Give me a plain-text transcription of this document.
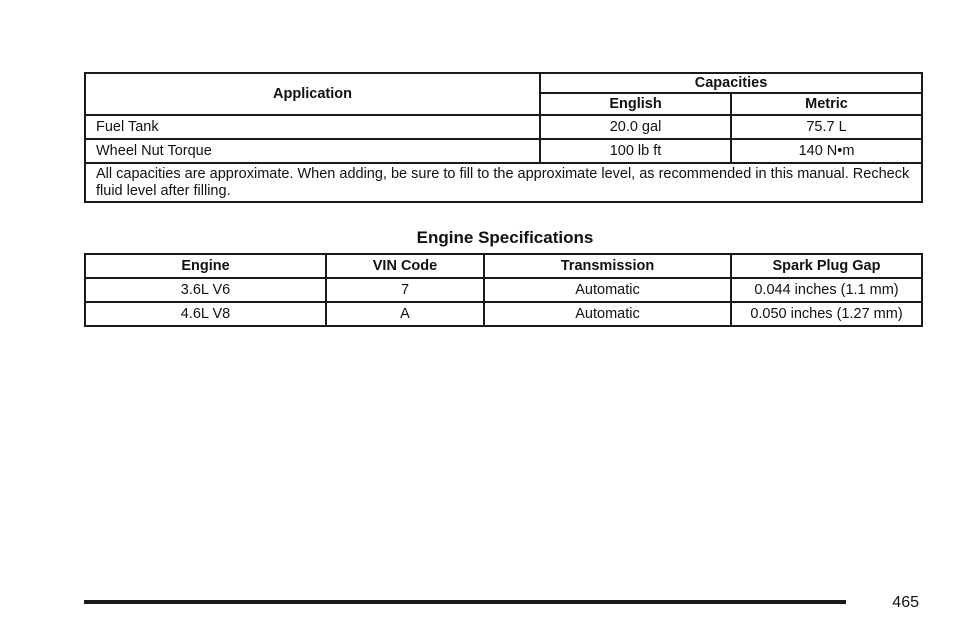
Application	Capacities	
	English	Metric
Fuel Tank	20.0 gal	75.7 L
Wheel Nut Torque	100 lb ft	140 N•m
All capacities are approximate. When adding, be sure to fill to the approximate level, as recommended in this manual. Recheck fluid level after filling.		
Engine Specifications
Engine	VIN Code	Transmission	Spark Plug Gap
3.6L V6	7	Automatic	0.044 inches (1.1 mm)
4.6L V8	A	Automatic	0.050 inches (1.27 mm)
465
